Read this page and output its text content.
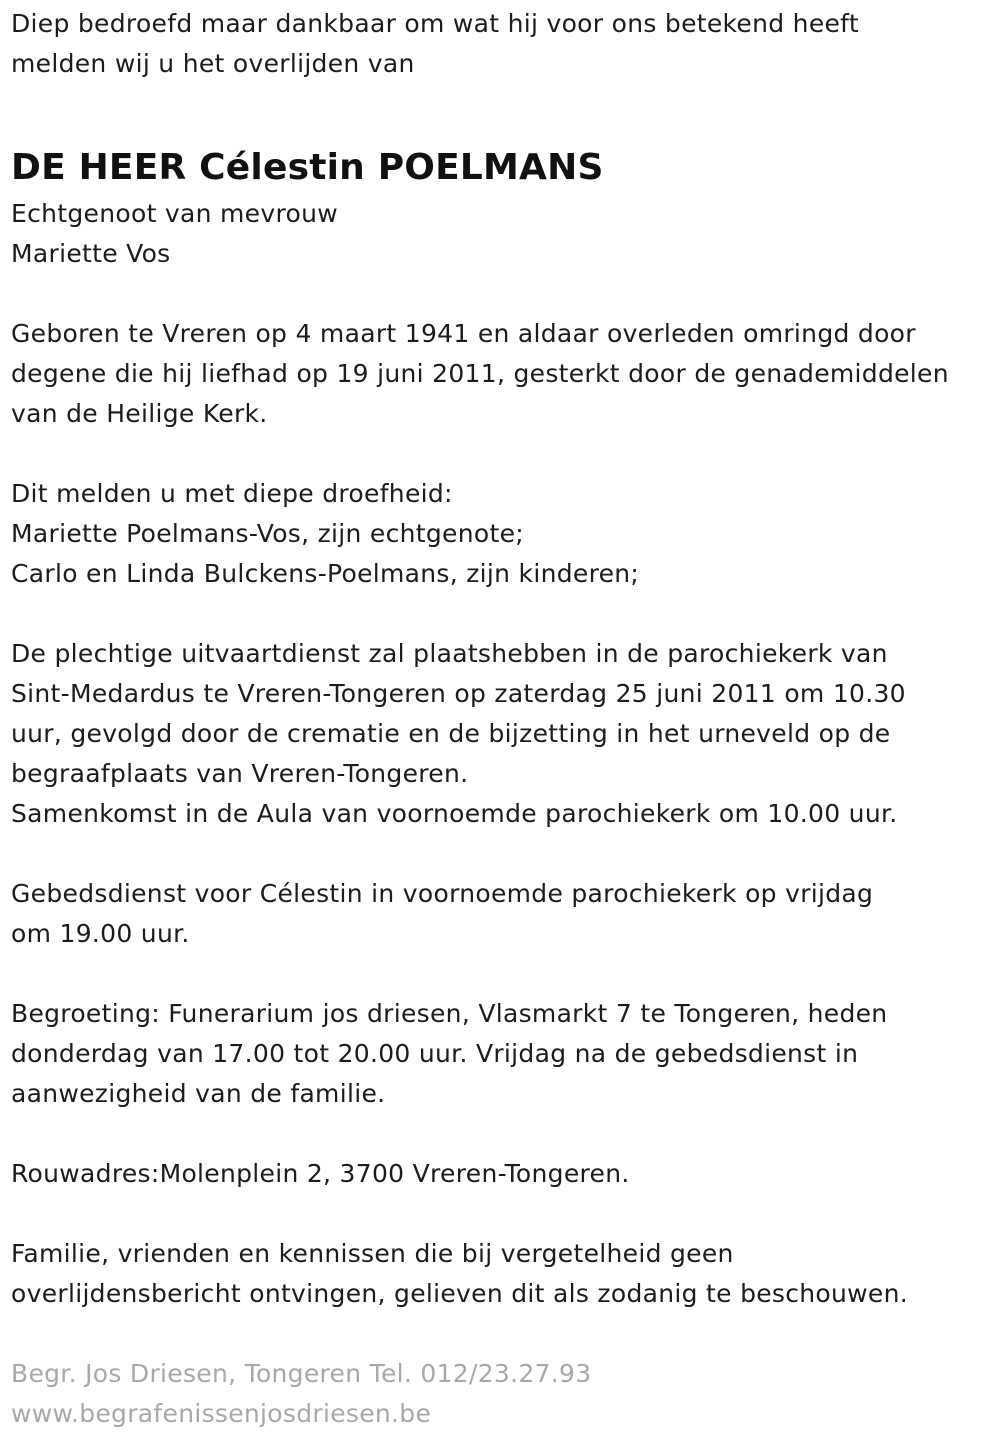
Diep bedroefd maar dankbaar om wat hij voor ons betekend heeft
melden wij u het overlijden van
DE HEER Célestin POELMANS
Echtgenoot van mevrouw
Mariette Vos
Geboren te Vreren op 4 maart 1941 en aldaar overleden omringd door
degene die hij liefhad op 19 juni 2011, gesterkt door de genademiddelen
van de Heilige Kerk.
Dit melden u met diepe droefheid:
Mariette Poelmans-Vos, zijn echtgenote;
Carlo en Linda Bulckens-Poelmans, zijn kinderen;
De plechtige uitvaartdienst zal plaatshebben in de parochiekerk van
Sint-Medardus te Vreren-Tongeren op zaterdag 25 juni 2011 om 10.30
uur, gevolgd door de crematie en de bijzetting in het urneveld op de
begraafplaats van Vreren-Tongeren.
Samenkomst in de Aula van voornoemde parochiekerk om 10.00 uur.
Gebedsdienst voor Célestin in voornoemde parochiekerk op vrijdag
om 19.00 uur.
Begroeting: Funerarium jos driesen, Vlasmarkt 7 te Tongeren, heden
donderdag van 17.00 tot 20.00 uur. Vrijdag na de gebedsdienst in
aanwezigheid van de familie.
Rouwadres:Molenplein 2, 3700 Vreren-Tongeren.
Familie, vrienden en kennissen die bij vergetelheid geen
overlijdensbericht ontvingen, gelieven dit als zodanig te beschouwen.
Begr. Jos Driesen, Tongeren Tel. 012/23.27.93
www.begrafenissenjosdriesen.be
